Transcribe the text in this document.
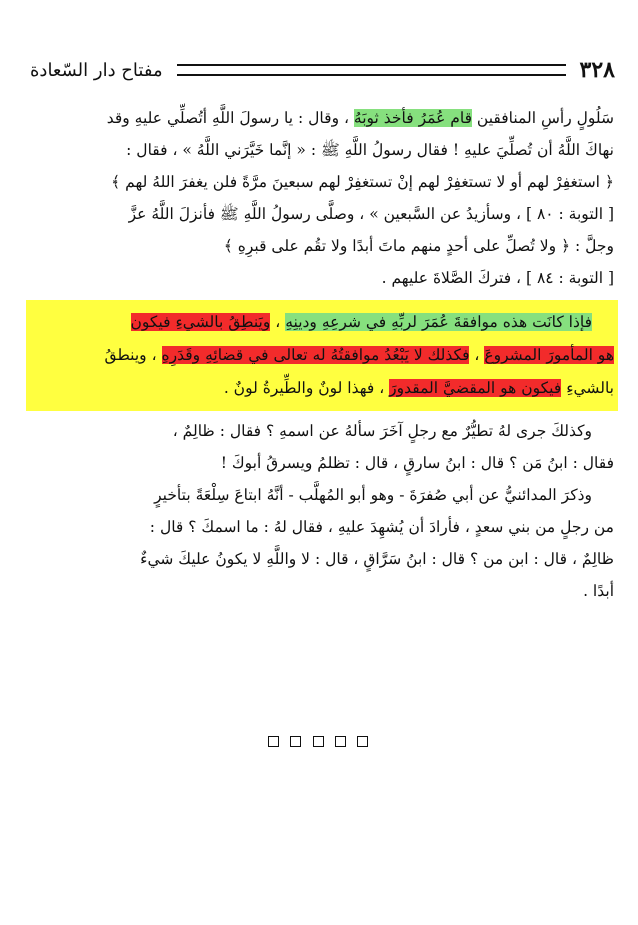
٣٢٨
مفتاح دار السّعادة
سَلُولٍ رأسِ المنافقين قام عُمَرُ فأخذ ثوبَهُ ، وقال : يا رسولَ اللَّهِ أتُصلِّي عليهِ وقد
نهاكَ اللَّهُ أن تُصلِّيَ عليهِ ! فقال رسولُ اللَّهِ ﷺ : « إنَّما خَيَّرَني اللَّهُ » ، فقال :
﴿ استغفِرْ لهم أو لا تستغفِرْ لهم إنْ تستغفِرْ لهم سبعينَ مرَّةً فلن يغفرَ اللهُ لهم ﴾
[ التوبة : ٨٠ ] ، وسأزيدُ عن السَّبعين » ، وصلَّى رسولُ اللَّهِ ﷺ فأنزلَ اللَّهُ عزَّ
وجلَّ : ﴿ ولا تُصلِّ على أحدٍ منهم ماتَ أبدًا ولا تقُم على قبرِهِ ﴾
[ التوبة : ٨٤ ] ، فتركَ الصَّلاةَ عليهم .
فإذا كانَت هذه موافقةَ عُمَرَ لربِّهِ في شرعِهِ ودينِهِ ، ويَنطِقُ بالشيءِ فيكون
هو المأمورَ المشروعَ ، فكذلك لا يَبْعُدُ موافقتُهُ له تعالى في قضائِهِ وقَدَرِهِ ، وينطقُ
بالشيءِ فيكون هو المقضيَّ المقدورَ ، فهذا لونٌ والطِّيرةُ لونٌ .
وكذلكَ جرى لهُ تطيُّرٌ مع رجلٍ آخَرَ سألهُ عن اسمهِ ؟ فقال : ظالِمٌ ،
فقال : ابنُ مَن ؟ قال : ابنُ سارقٍ ، قال : تظلمُ ويسرقُ أبوكَ !
وذكرَ المدائنيُّ عن أبي صُفرَةَ - وهو أبو المُهلَّب - أنَّهُ ابتاعَ سِلْعَةً بتأخيرٍ
من رجلٍ من بني سعدٍ ، فأرادَ أن يُشهِدَ عليهِ ، فقال لهُ : ما اسمكَ ؟ قال :
ظالِمٌ ، قال : ابن من ؟ قال : ابنُ سَرَّاقٍ ، قال : لا واللَّهِ لا يكونُ عليكَ شيءٌ
أبدًا .
